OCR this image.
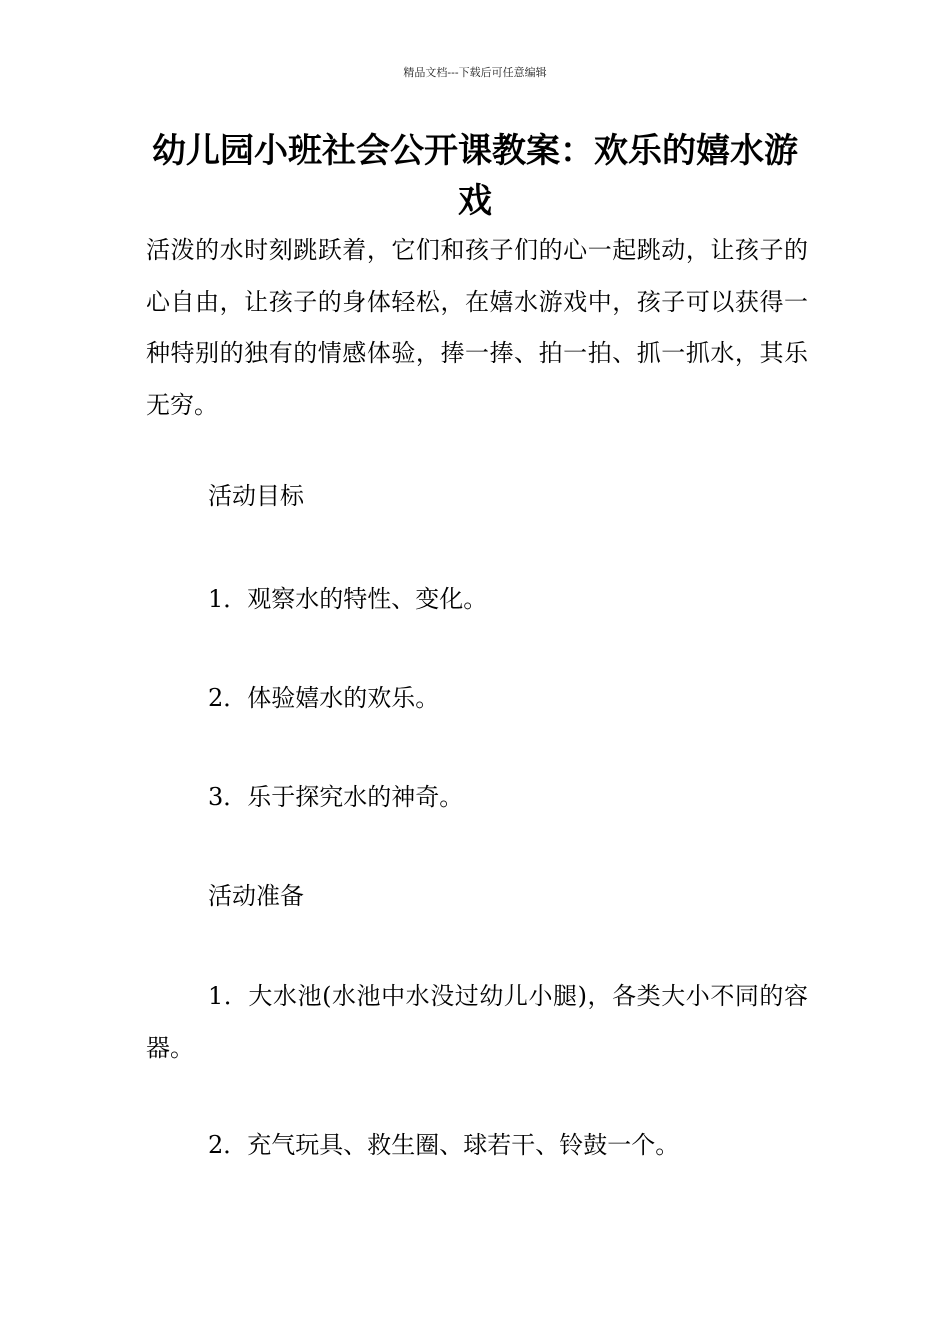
精品文档---下载后可任意编辑
幼儿园小班社会公开课教案：欢乐的嬉水游戏

活泼的水时刻跳跃着，它们和孩子们的心一起跳动，让孩子的心自由，让孩子的身体轻松，在嬉水游戏中，孩子可以获得一种特别的独有的情感体验，捧一捧、拍一拍、抓一抓水，其乐无穷。

活动目标

1．观察水的特性、变化。

2．体验嬉水的欢乐。

3．乐于探究水的神奇。

活动准备

1．大水池(水池中水没过幼儿小腿)，各类大小不同的容器。

2．充气玩具、救生圈、球若干、铃鼓一个。
